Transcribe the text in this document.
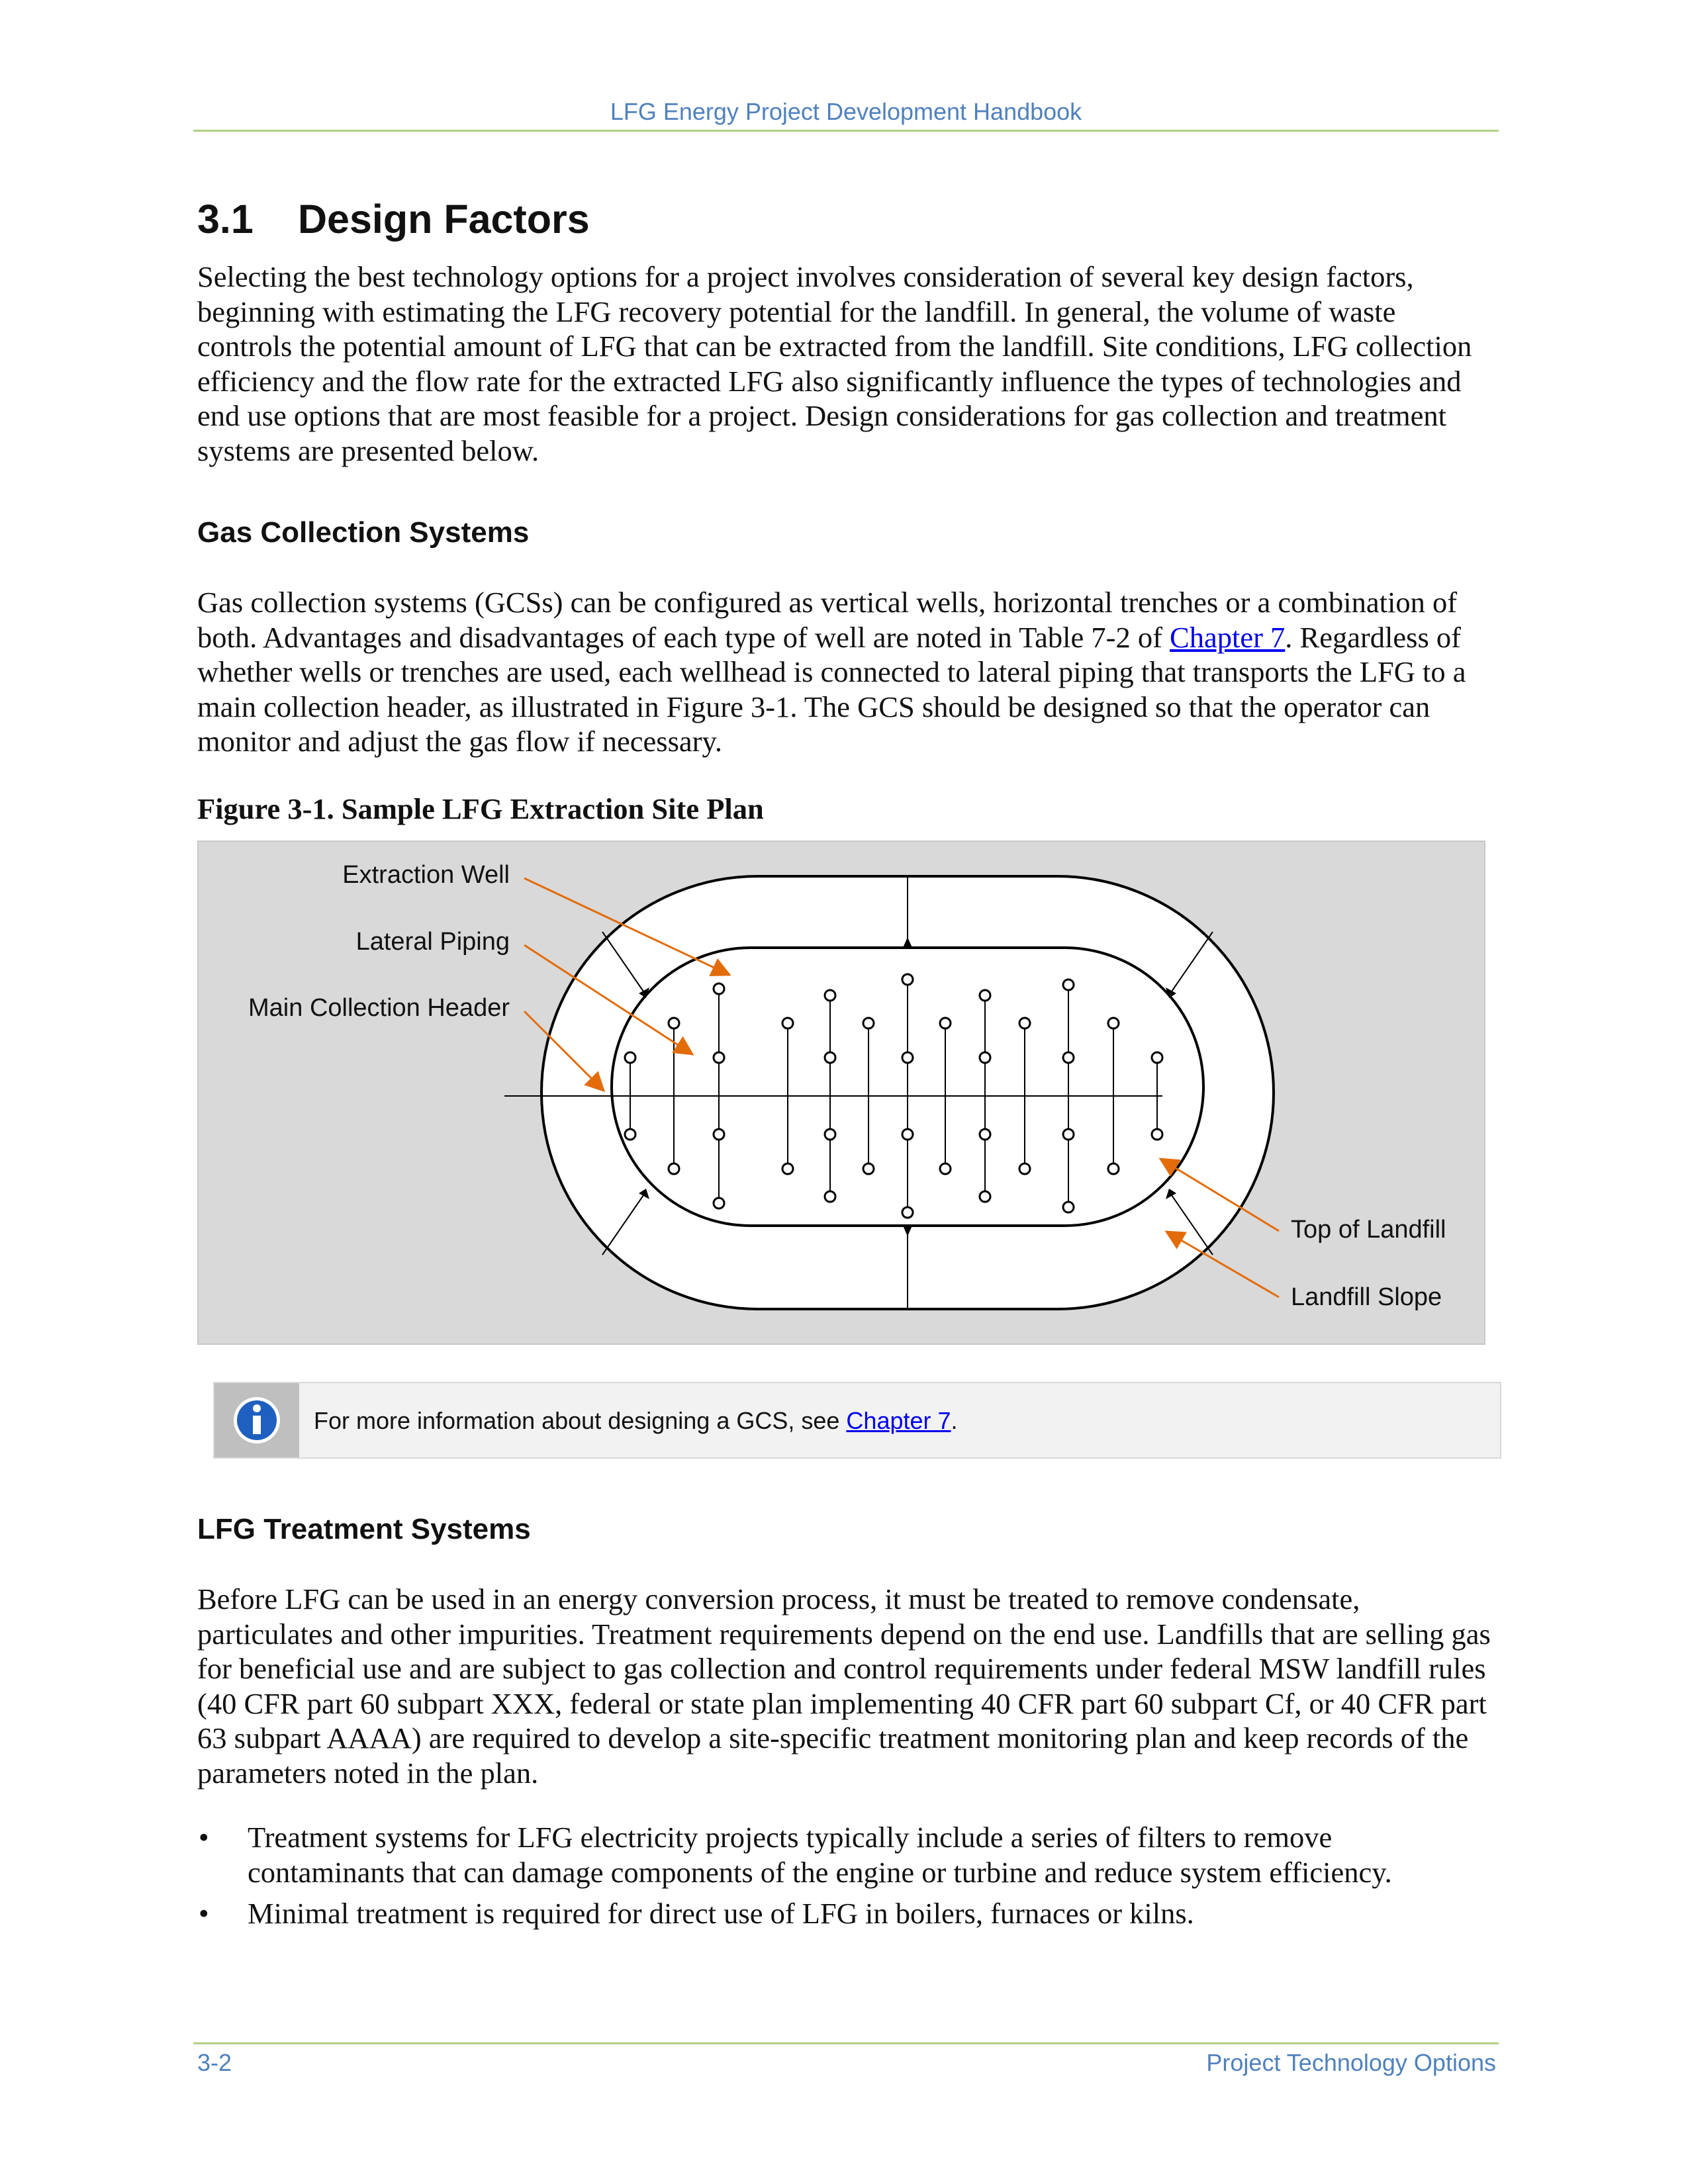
LFG Energy Project Development Handbook
3.1 Design Factors
Selecting the best technology options for a project involves consideration of several key design factors, beginning with estimating the LFG recovery potential for the landfill. In general, the volume of waste controls the potential amount of LFG that can be extracted from the landfill. Site conditions, LFG collection efficiency and the flow rate for the extracted LFG also significantly influence the types of technologies and end use options that are most feasible for a project. Design considerations for gas collection and treatment systems are presented below.
Gas Collection Systems
Gas collection systems (GCSs) can be configured as vertical wells, horizontal trenches or a combination of both. Advantages and disadvantages of each type of well are noted in Table 7-2 of Chapter 7. Regardless of whether wells or trenches are used, each wellhead is connected to lateral piping that transports the LFG to a main collection header, as illustrated in Figure 3-1. The GCS should be designed so that the operator can monitor and adjust the gas flow if necessary.
Figure 3-1. Sample LFG Extraction Site Plan
Extraction Well
Lateral Piping
Main Collection Header
Top of Landfill
Landfill Slope
For more information about designing a GCS, see Chapter 7.
LFG Treatment Systems
Before LFG can be used in an energy conversion process, it must be treated to remove condensate, particulates and other impurities. Treatment requirements depend on the end use. Landfills that are selling gas for beneficial use and are subject to gas collection and control requirements under federal MSW landfill rules (40 CFR part 60 subpart XXX, federal or state plan implementing 40 CFR part 60 subpart Cf, or 40 CFR part 63 subpart AAAA) are required to develop a site-specific treatment monitoring plan and keep records of the parameters noted in the plan.
• Treatment systems for LFG electricity projects typically include a series of filters to remove contaminants that can damage components of the engine or turbine and reduce system efficiency.
• Minimal treatment is required for direct use of LFG in boilers, furnaces or kilns.
3-2	Project Technology Options
